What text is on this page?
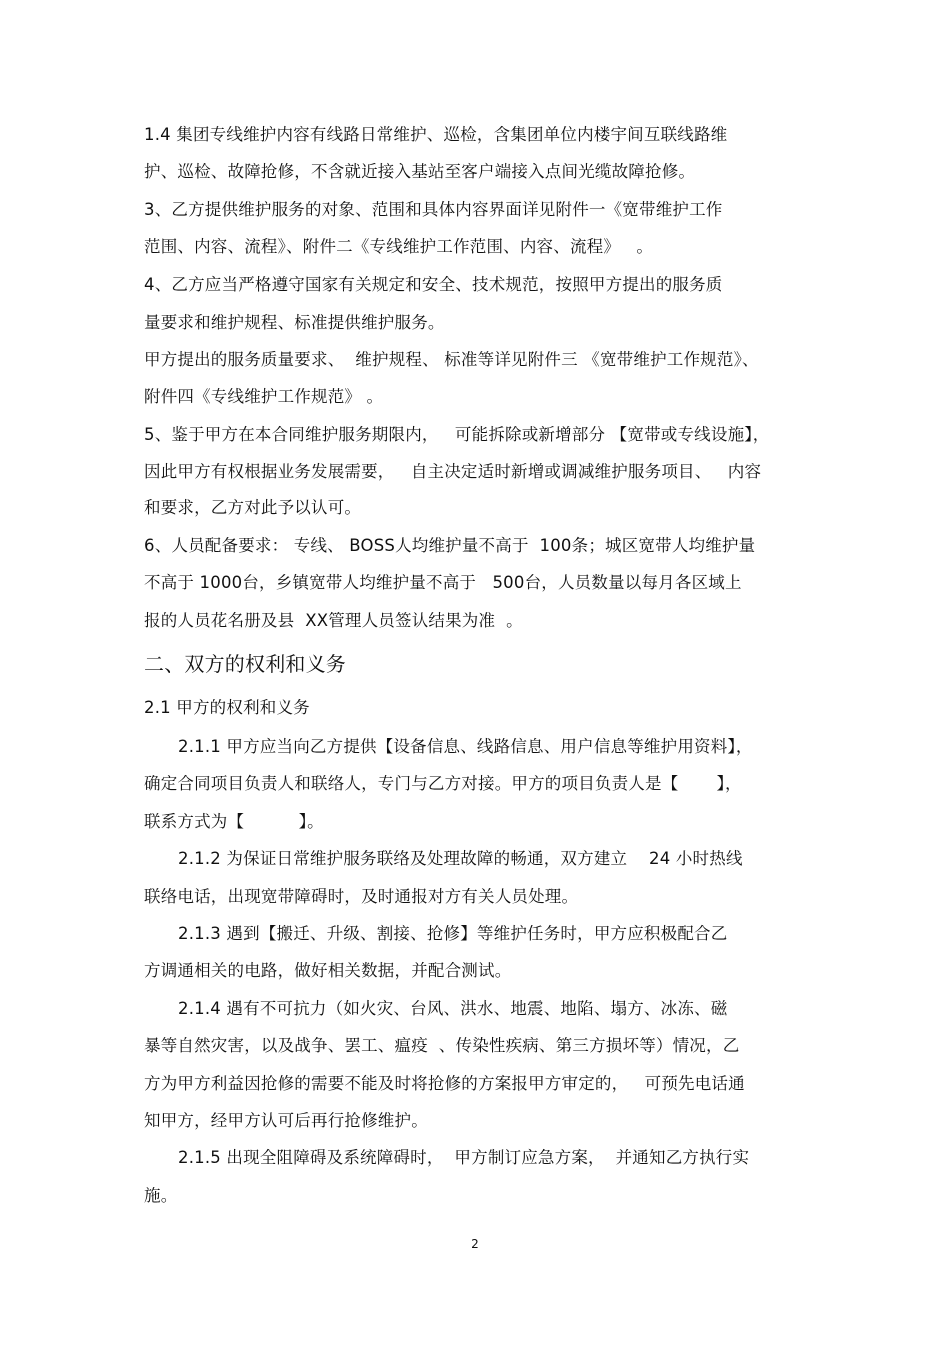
1.4 集团专线维护内容有线路日常维护、巡检，含集团单位内楼宇间互联线路维
护、巡检、故障抢修，不含就近接入基站至客户端接入点间光缆故障抢修。
3、乙方提供维护服务的对象、范围和具体内容界面详见附件一《宽带维护工作
范围、内容、流程》、附件二《专线维护工作范围、内容、流程》   。
4、乙方应当严格遵守国家有关规定和安全、技术规范，按照甲方提出的服务质
量要求和维护规程、标准提供维护服务。
甲方提出的服务质量要求、  维护规程、 标准等详见附件三 《宽带维护工作规范》、
附件四《专线维护工作规范》 。
5、鉴于甲方在本合同维护服务期限内，   可能拆除或新增部分 【宽带或专线设施】，
因此甲方有权根据业务发展需要，   自主决定适时新增或调减维护服务项目、   内容
和要求，乙方对此予以认可。
6、人员配备要求： 专线、 BOSS人均维护量不高于  100条；城区宽带人均维护量
不高于 1000台，乡镇宽带人均维护量不高于   500台，人员数量以每月各区域上
报的人员花名册及县  XX管理人员签认结果为准  。
二、双方的权利和义务
2.1 甲方的权利和义务
2.1.1 甲方应当向乙方提供【设备信息、线路信息、用户信息等维护用资料】，
确定合同项目负责人和联络人，专门与乙方对接。甲方的项目负责人是【       】，
联系方式为【          】。
2.1.2 为保证日常维护服务联络及处理故障的畅通，双方建立    24 小时热线
联络电话，出现宽带障碍时，及时通报对方有关人员处理。
2.1.3 遇到【搬迁、升级、割接、抢修】等维护任务时，甲方应积极配合乙
方调通相关的电路，做好相关数据，并配合测试。
2.1.4 遇有不可抗力（如火灾、台风、洪水、地震、地陷、塌方、冰冻、磁
暴等自然灾害，以及战争、罢工、瘟疫  、传染性疾病、第三方损坏等）情况，乙
方为甲方利益因抢修的需要不能及时将抢修的方案报甲方审定的，   可预先电话通
知甲方，经甲方认可后再行抢修维护。
2.1.5 出现全阻障碍及系统障碍时，  甲方制订应急方案，  并通知乙方执行实
施。
2
